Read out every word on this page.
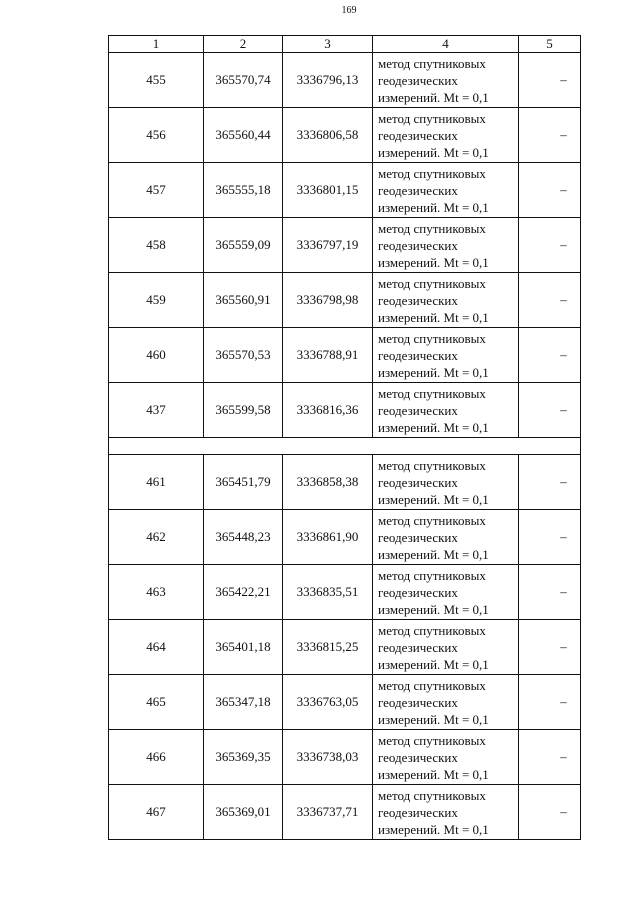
169
1	2	3	4	5
455	365570,74	3336796,13	метод спутниковых
геодезических
измерений. Mt = 0,1	–
456	365560,44	3336806,58	метод спутниковых
геодезических
измерений. Mt = 0,1	–
457	365555,18	3336801,15	метод спутниковых
геодезических
измерений. Mt = 0,1	–
458	365559,09	3336797,19	метод спутниковых
геодезических
измерений. Mt = 0,1	–
459	365560,91	3336798,98	метод спутниковых
геодезических
измерений. Mt = 0,1	–
460	365570,53	3336788,91	метод спутниковых
геодезических
измерений. Mt = 0,1	–
437	365599,58	3336816,36	метод спутниковых
геодезических
измерений. Mt = 0,1	–

461	365451,79	3336858,38	метод спутниковых
геодезических
измерений. Mt = 0,1	–
462	365448,23	3336861,90	метод спутниковых
геодезических
измерений. Mt = 0,1	–
463	365422,21	3336835,51	метод спутниковых
геодезических
измерений. Mt = 0,1	–
464	365401,18	3336815,25	метод спутниковых
геодезических
измерений. Mt = 0,1	–
465	365347,18	3336763,05	метод спутниковых
геодезических
измерений. Mt = 0,1	–
466	365369,35	3336738,03	метод спутниковых
геодезических
измерений. Mt = 0,1	–
467	365369,01	3336737,71	метод спутниковых
геодезических
измерений. Mt = 0,1	–
